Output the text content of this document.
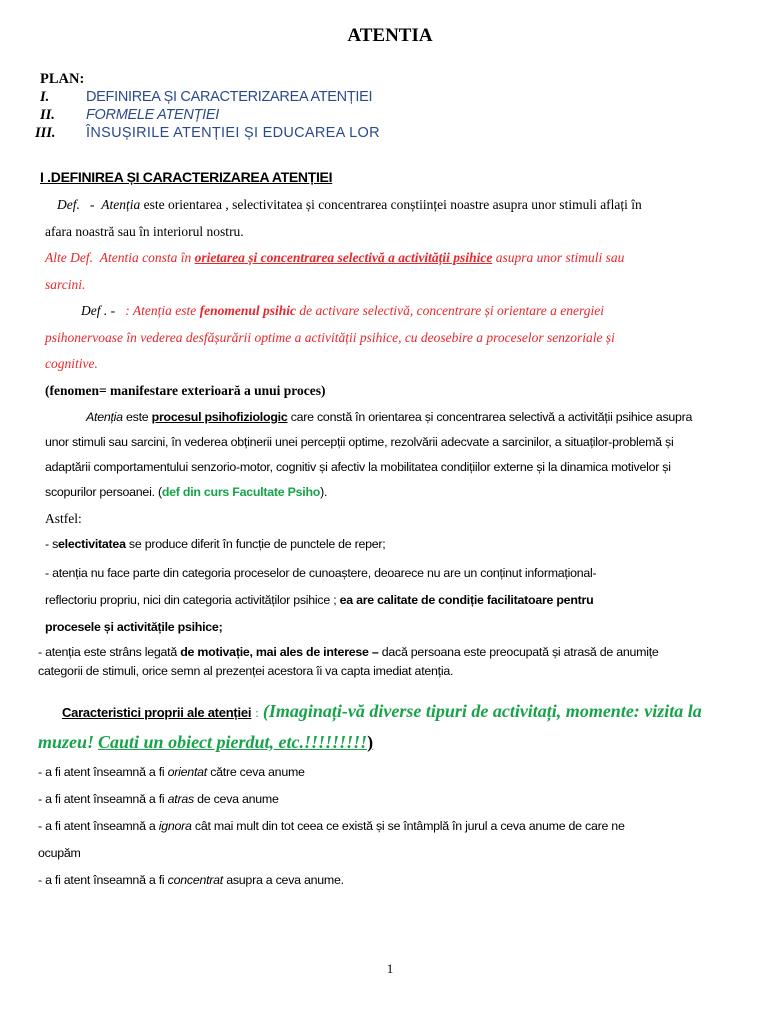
ATENTIA
PLAN:
I.	DEFINIREA ȘI CARACTERIZAREA ATENȚIEI
II. FORMELE ATENȚIEI
III. ÎNSUȘIRILE ATENȚIEI ȘI EDUCAREA LOR
I .DEFINIREA ȘI CARACTERIZAREA ATENȚIEI
Def. - Atenția este orientarea , selectivitatea și concentrarea conștiinței noastre asupra unor stimuli aflați în
afara noastră sau în interiorul nostru.
Alte Def. Atentia consta în orietarea și concentrarea selectivă a activității psihice asupra unor stimuli sau
sarcini.
Def . - : Atenția este fenomenul psihic de activare selectivă, concentrare și orientare a energiei
psihonervoase în vederea desfășurării optime a activității psihice, cu deosebire a proceselor senzoriale și
cognitive.
(fenomen= manifestare exterioară a unui proces)
Atenția este procesul psihofiziologic care constă în orientarea și concentrarea selectivă a activității psihice asupra
unor stimuli sau sarcini, în vederea obținerii unei percepții optime, rezolvării adecvate a sarcinilor, a situaților-problemă și
adaptării comportamentului senzorio-motor, cognitiv și afectiv la mobilitatea condițiilor externe și la dinamica motivelor și
scopurilor persoanei. (def din curs Facultate Psiho).
Astfel:
- selectivitatea se produce diferit în funcție de punctele de reper;
- atenția nu face parte din categoria proceselor de cunoaștere, deoarece nu are un conținut informațional-
reflectoriu propriu, nici din categoria activităților psihice ; ea are calitate de condiție facilitatoare pentru
procesele și activitățile psihice;
- atenția este strâns legată de motivație, mai ales de interese – dacă persoana este preocupată și atrasă de anumițe
categorii de stimuli, orice semn al prezenței acestora îi va capta imediat atenția.
Caracteristici proprii ale atenției : (Imaginați-vă diverse tipuri de activitați, momente: vizita la
muzeu! Cauti un obiect pierdut, etc.!!!!!!!!!)
- a fi atent înseamnă a fi orientat către ceva anume
- a fi atent înseamnă a fi atras de ceva anume
- a fi atent înseamnă a ignora cât mai mult din tot ceea ce există și se întâmplă în jurul a ceva anume de care ne
ocupăm
- a fi atent înseamnă a fi concentrat asupra a ceva anume.
1
